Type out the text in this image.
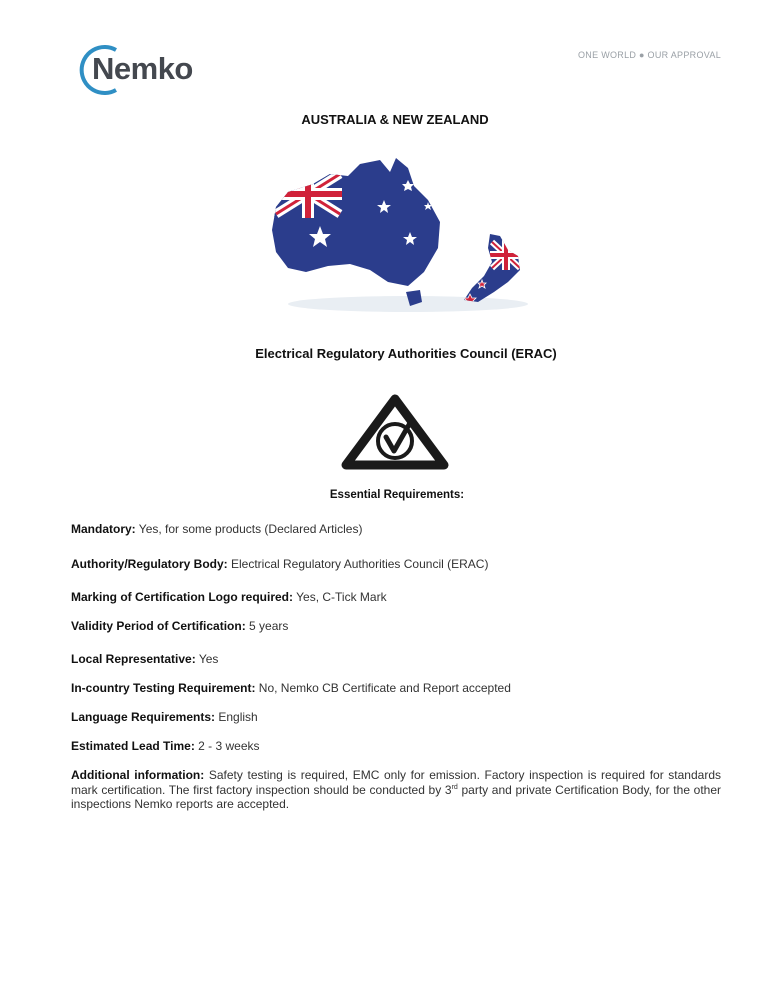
Nemko	ONE WORLD ● OUR APPROVAL
AUSTRALIA & NEW ZEALAND
Electrical Regulatory Authorities Council (ERAC)
Essential Requirements:

Mandatory: Yes, for some products (Declared Articles)

Authority/Regulatory Body: Electrical Regulatory Authorities Council (ERAC)

Marking of Certification Logo required: Yes, C-Tick Mark

Validity Period of Certification: 5 years

Local Representative: Yes

In-country Testing Requirement: No, Nemko CB Certificate and Report accepted

Language Requirements: English

Estimated Lead Time: 2 - 3 weeks

Additional information: Safety testing is required, EMC only for emission. Factory inspection is required for standards mark certification. The first factory inspection should be conducted by 3rd party and private Certification Body, for the other inspections Nemko reports are accepted.
